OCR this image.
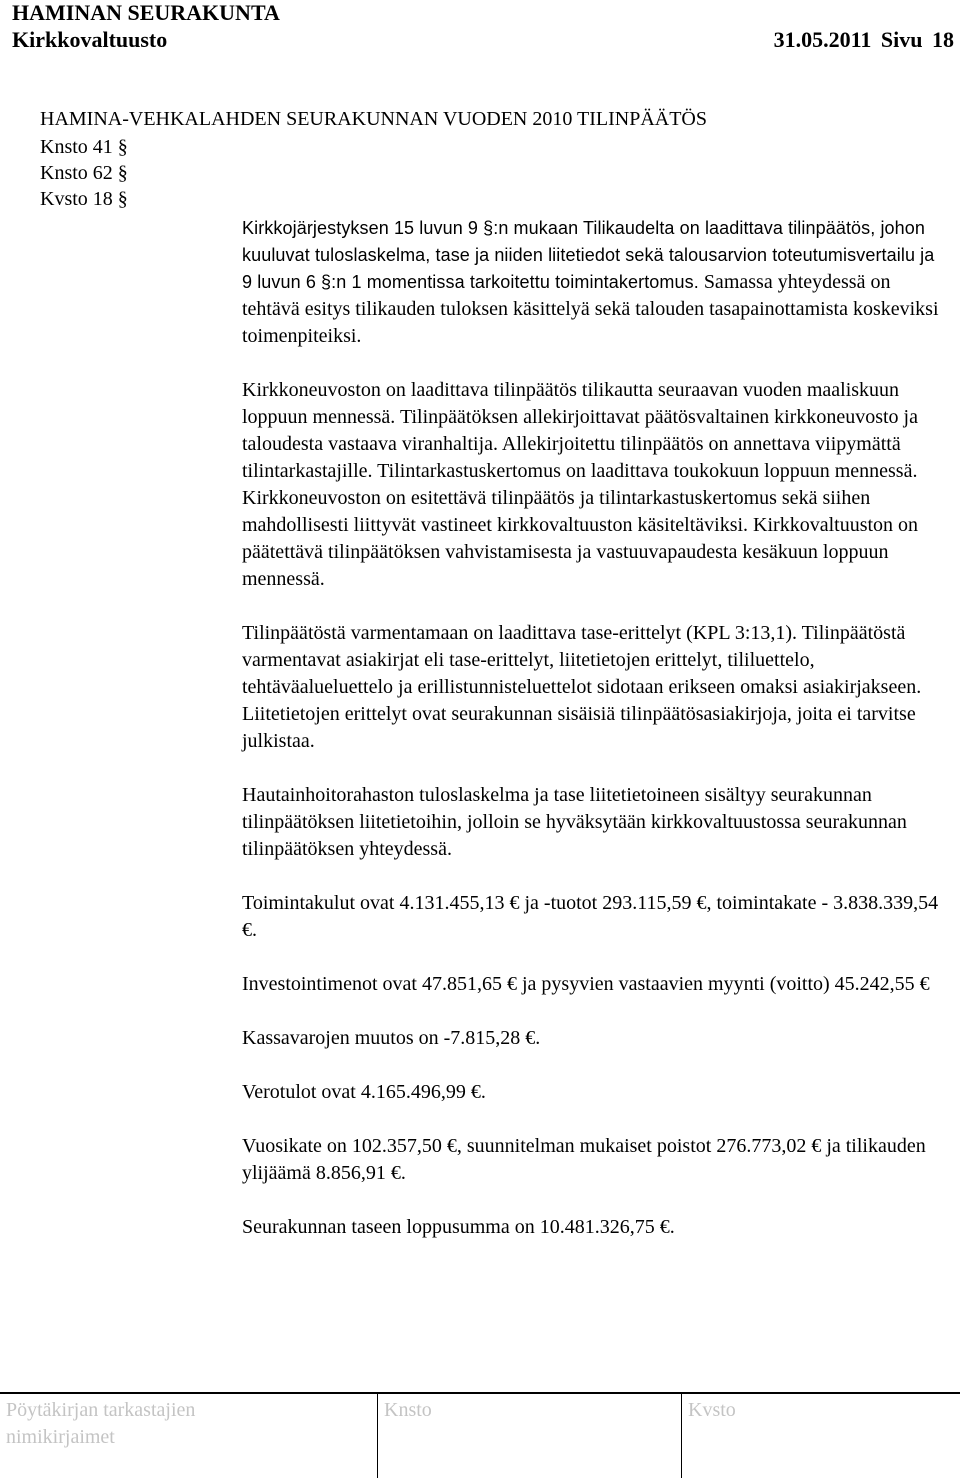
HAMINAN SEURAKUNTA
Kirkkovaltuusto	31.05.2011 Sivu 18
HAMINA-VEHKALAHDEN SEURAKUNNAN VUODEN 2010 TILINPÄÄTÖS
Knsto 41 §
Knsto 62 §
Kvsto 18 §

Kirkkojärjestyksen 15 luvun 9 §:n mukaan Tilikaudelta on laadittava tilinpäätös, johon kuuluvat tuloslaskelma, tase ja niiden liitetiedot sekä talousarvion toteutumisvertailu ja 9 luvun 6 §:n 1 momentissa tarkoitettu toimintakertomus. Samassa yhteydessä on tehtävä esitys tilikauden tuloksen käsittelyä sekä talouden tasapainottamista koskeviksi toimenpiteiksi.

Kirkkoneuvoston on laadittava tilinpäätös tilikautta seuraavan vuoden maaliskuun loppuun mennessä. Tilinpäätöksen allekirjoittavat päätösvaltainen kirkkoneuvosto ja taloudesta vastaava viranhaltija. Allekirjoitettu tilinpäätös on annettava viipymättä tilintarkastajille. Tilintarkastuskertomus on laadittava toukokuun loppuun mennessä. Kirkkoneuvoston on esitettävä tilinpäätös ja tilintarkastuskertomus sekä siihen mahdollisesti liittyvät vastineet kirkkovaltuuston käsiteltäviksi. Kirkkovaltuuston on päätettävä tilinpäätöksen vahvistamisesta ja vastuuvapaudesta kesäkuun loppuun mennessä.

Tilinpäätöstä varmentamaan on laadittava tase-erittelyt (KPL 3:13,1). Tilinpäätöstä varmentavat asiakirjat eli tase-erittelyt, liitetietojen erittelyt, tililuettelo, tehtäväalueluettelo ja erillistunnisteluettelot sidotaan erikseen omaksi asiakirjakseen. Liitetietojen erittelyt ovat seurakunnan sisäisiä tilinpäätösasiakirjoja, joita ei tarvitse julkistaa.

Hautainhoitorahaston tuloslaskelma ja tase liitetietoineen sisältyy seurakunnan tilinpäätöksen liitetietoihin, jolloin se hyväksytään kirkkovaltuustossa seurakunnan tilinpäätöksen yhteydessä.

Toimintakulut ovat 4.131.455,13 € ja -tuotot 293.115,59 €, toimintakate - 3.838.339,54 €.

Investointimenot ovat 47.851,65 € ja pysyvien vastaavien myynti (voitto) 45.242,55 €

Kassavarojen muutos on -7.815,28 €.

Verotulot ovat 4.165.496,99 €.

Vuosikate on 102.357,50 €, suunnitelman mukaiset poistot 276.773,02 € ja tilikauden ylijäämä 8.856,91 €.

Seurakunnan taseen loppusumma on 10.481.326,75 €.

Pöytäkirjan tarkastajien
nimikirjaimet
Knsto	Kvsto
